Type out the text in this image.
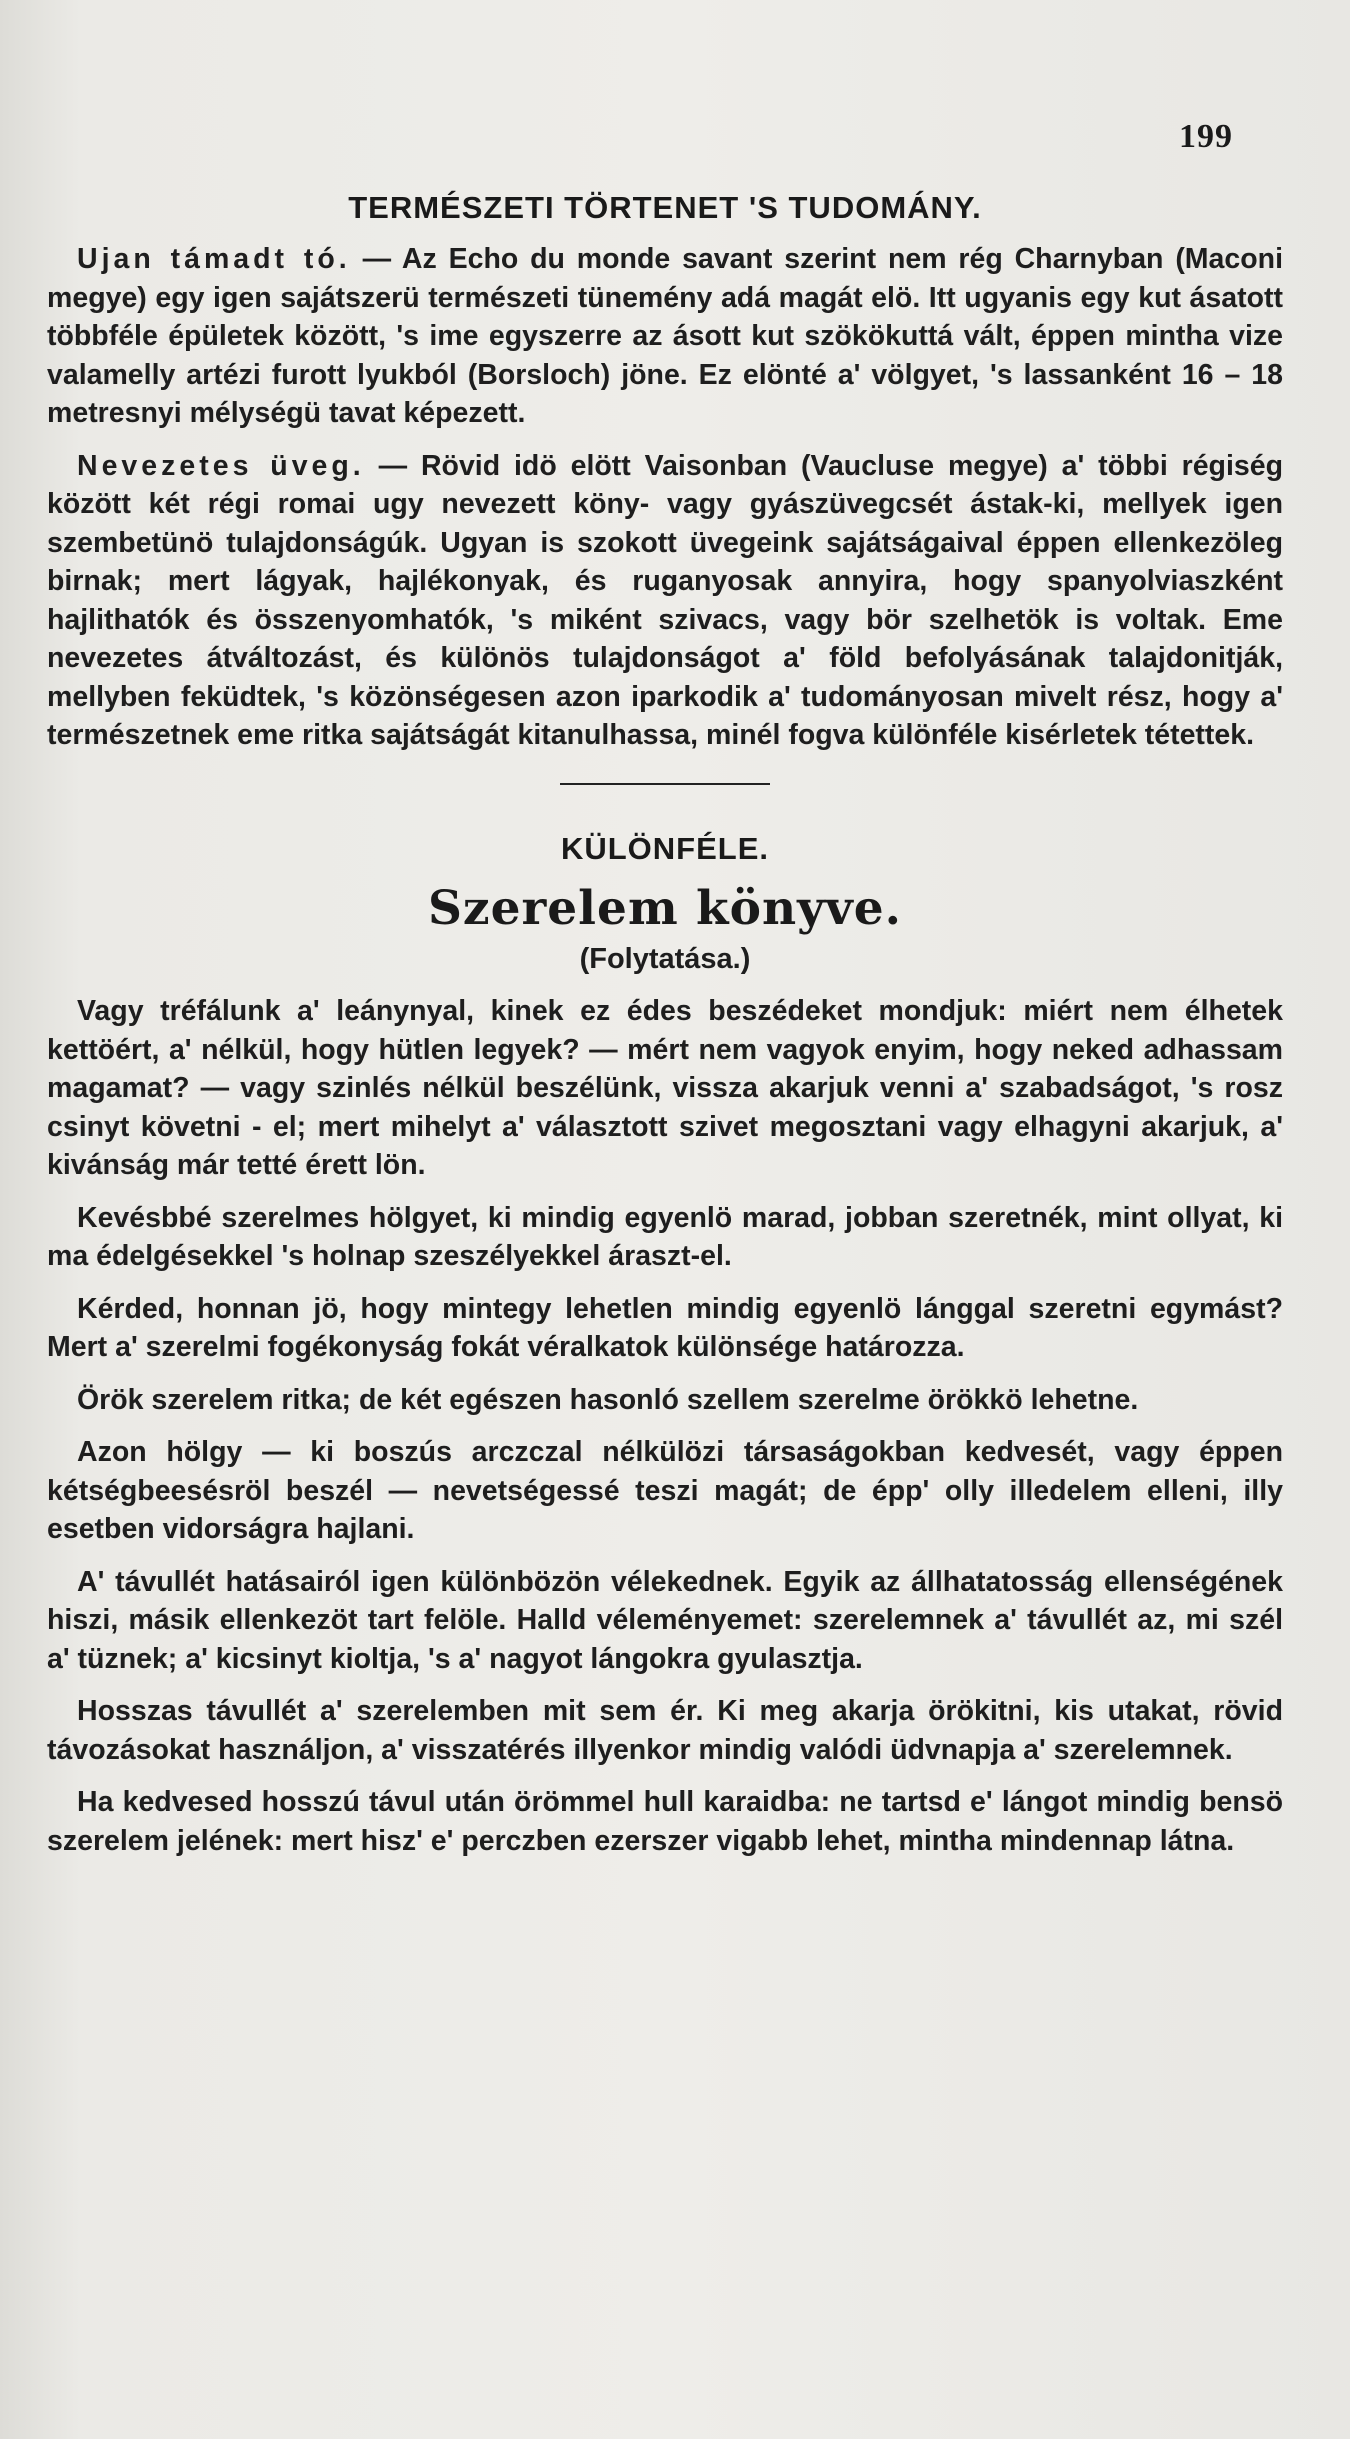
199
TERMÉSZETI TÖRTENET 'S TUDOMÁNY.

Ujan támadt tó. — Az Echo du monde savant szerint nem rég Charnyban (Maconi megye) egy igen sajátszerü természeti tünemény adá magát elö. Itt ugyanis egy kut ásatott többféle épületek között, 's ime egyszerre az ásott kut szökökuttá vált, éppen mintha vize valamelly artézi furott lyukból (Borsloch) jöne. Ez elönté a' völgyet, 's lassanként 16 – 18 metresnyi mélységü tavat képezett.

Nevezetes üveg. — Rövid idö elött Vaisonban (Vaucluse megye) a' többi régiség között két régi romai ugy nevezett köny- vagy gyászüvegcsét ástak-ki, mellyek igen szembetünö tulajdonságúk. Ugyan is szokott üvegeink sajátságaival éppen ellenkezöleg birnak; mert lágyak, hajlékonyak, és ruganyosak annyira, hogy spanyolviaszként hajlithatók és összenyomhatók, 's miként szivacs, vagy bör szelhetök is voltak. Eme nevezetes átváltozást, és különös tulajdonságot a' föld befolyásának talajdonitják, mellyben feküdtek, 's közönségesen azon iparkodik a' tudományosan mivelt rész, hogy a' természetnek eme ritka sajátságát kitanulhassa, minél fogva különféle kisérletek tétettek.

KÜLÖNFÉLE.
Szerelem könyve.

(Folytatása.)

Vagy tréfálunk a' leánynyal, kinek ez édes beszédeket mondjuk: miért nem élhetek kettöért, a' nélkül, hogy hütlen legyek? — mért nem vagyok enyim, hogy neked adhassam magamat? — vagy szinlés nélkül beszélünk, vissza akarjuk venni a' szabadságot, 's rosz csinyt követni - el; mert mihelyt a' választott szivet megosztani vagy elhagyni akarjuk, a' kivánság már tetté érett lön.

Kevésbbé szerelmes hölgyet, ki mindig egyenlö marad, jobban szeretnék, mint ollyat, ki ma édelgésekkel 's holnap szeszélyekkel áraszt-el.

Kérded, honnan jö, hogy mintegy lehetlen mindig egyenlö lánggal szeretni egymást? Mert a' szerelmi fogékonyság fokát véralkatok különsége határozza.

Örök szerelem ritka; de két egészen hasonló szellem szerelme örökkö lehetne.

Azon hölgy — ki boszús arczczal nélkülözi társaságokban kedvesét, vagy éppen kétségbeesésröl beszél — nevetségessé teszi magát; de épp' olly illedelem elleni, illy esetben vidorságra hajlani.

A' távullét hatásairól igen különbözön vélekednek. Egyik az állhatatosság ellenségének hiszi, másik ellenkezöt tart felöle. Halld véleményemet: szerelemnek a' távullét az, mi szél a' tüznek; a' kicsinyt kioltja, 's a' nagyot lángokra gyulasztja.

Hosszas távullét a' szerelemben mit sem ér. Ki meg akarja örökitni, kis utakat, rövid távozásokat használjon, a' visszatérés illyenkor mindig valódi üdvnapja a' szerelemnek.

Ha kedvesed hosszú távul után örömmel hull karaidba: ne tartsd e' lángot mindig bensö szerelem jelének: mert hisz' e' perczben ezerszer vigabb lehet, mintha mindennap látna.
